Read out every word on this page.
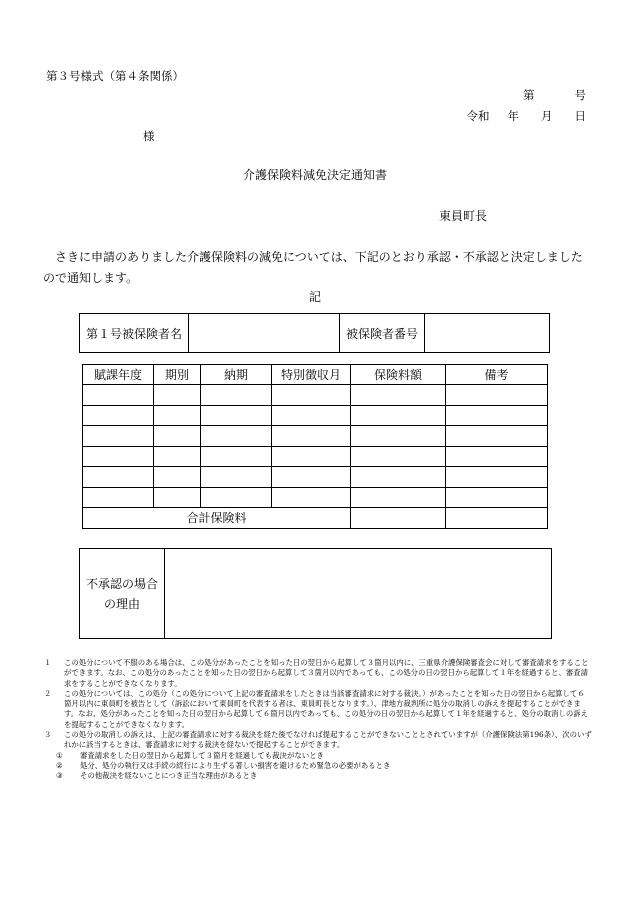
第３号様式（第４条関係）
第	号
令和 年 月 日
様
介護保険料減免決定通知書
東員町長
さきに申請のありました介護保険料の減免については、下記のとおり承認・不承認と決定しましたので通知します。
記
第１号被保険者名		被保険者番号	
賦課年度	期別	納期	特別徴収月	保険料額	備考

合計保険料					
不承認の場合
の理由
１ この処分について不服のある場合は、この処分があったことを知った日の翌日から起算して３箇月以内に、三重県介護保険審査会に対して審査請求をすることができます。なお、この処分のあったことを知った日の翌日から起算して３箇月以内であっても、この処分の日の翌日から起算して１年を経過すると、審査請求をすることができなくなります。
２ この処分については、この処分（この処分について上記の審査請求をしたときは当該審査請求に対する裁決。）があったことを知った日の翌日から起算して６箇月以内に東員町を被告として（訴訟において東員町を代表する者は、東員町長となります。）、津地方裁判所に処分の取消しの訴えを提起することができます。なお、処分があったことを知った日の翌日から起算して６箇月以内であっても、この処分の日の翌日から起算して１年を経過すると、処分の取消しの訴えを提起することができなくなります。
３ この処分の取消しの訴えは、上記の審査請求に対する裁決を経た後でなければ提起することができないこととされていますが（介護保険法第196条）、次のいずれかに該当するときは、審査請求に対する裁決を経ないで提起することができます。
① 審査請求をした日の翌日から起算して３箇月を経過しても裁決がないとき
② 処分、処分の執行又は手続の続行により生ずる著しい損害を避けるため緊急の必要があるとき
③ その他裁決を経ないことにつき正当な理由があるとき
